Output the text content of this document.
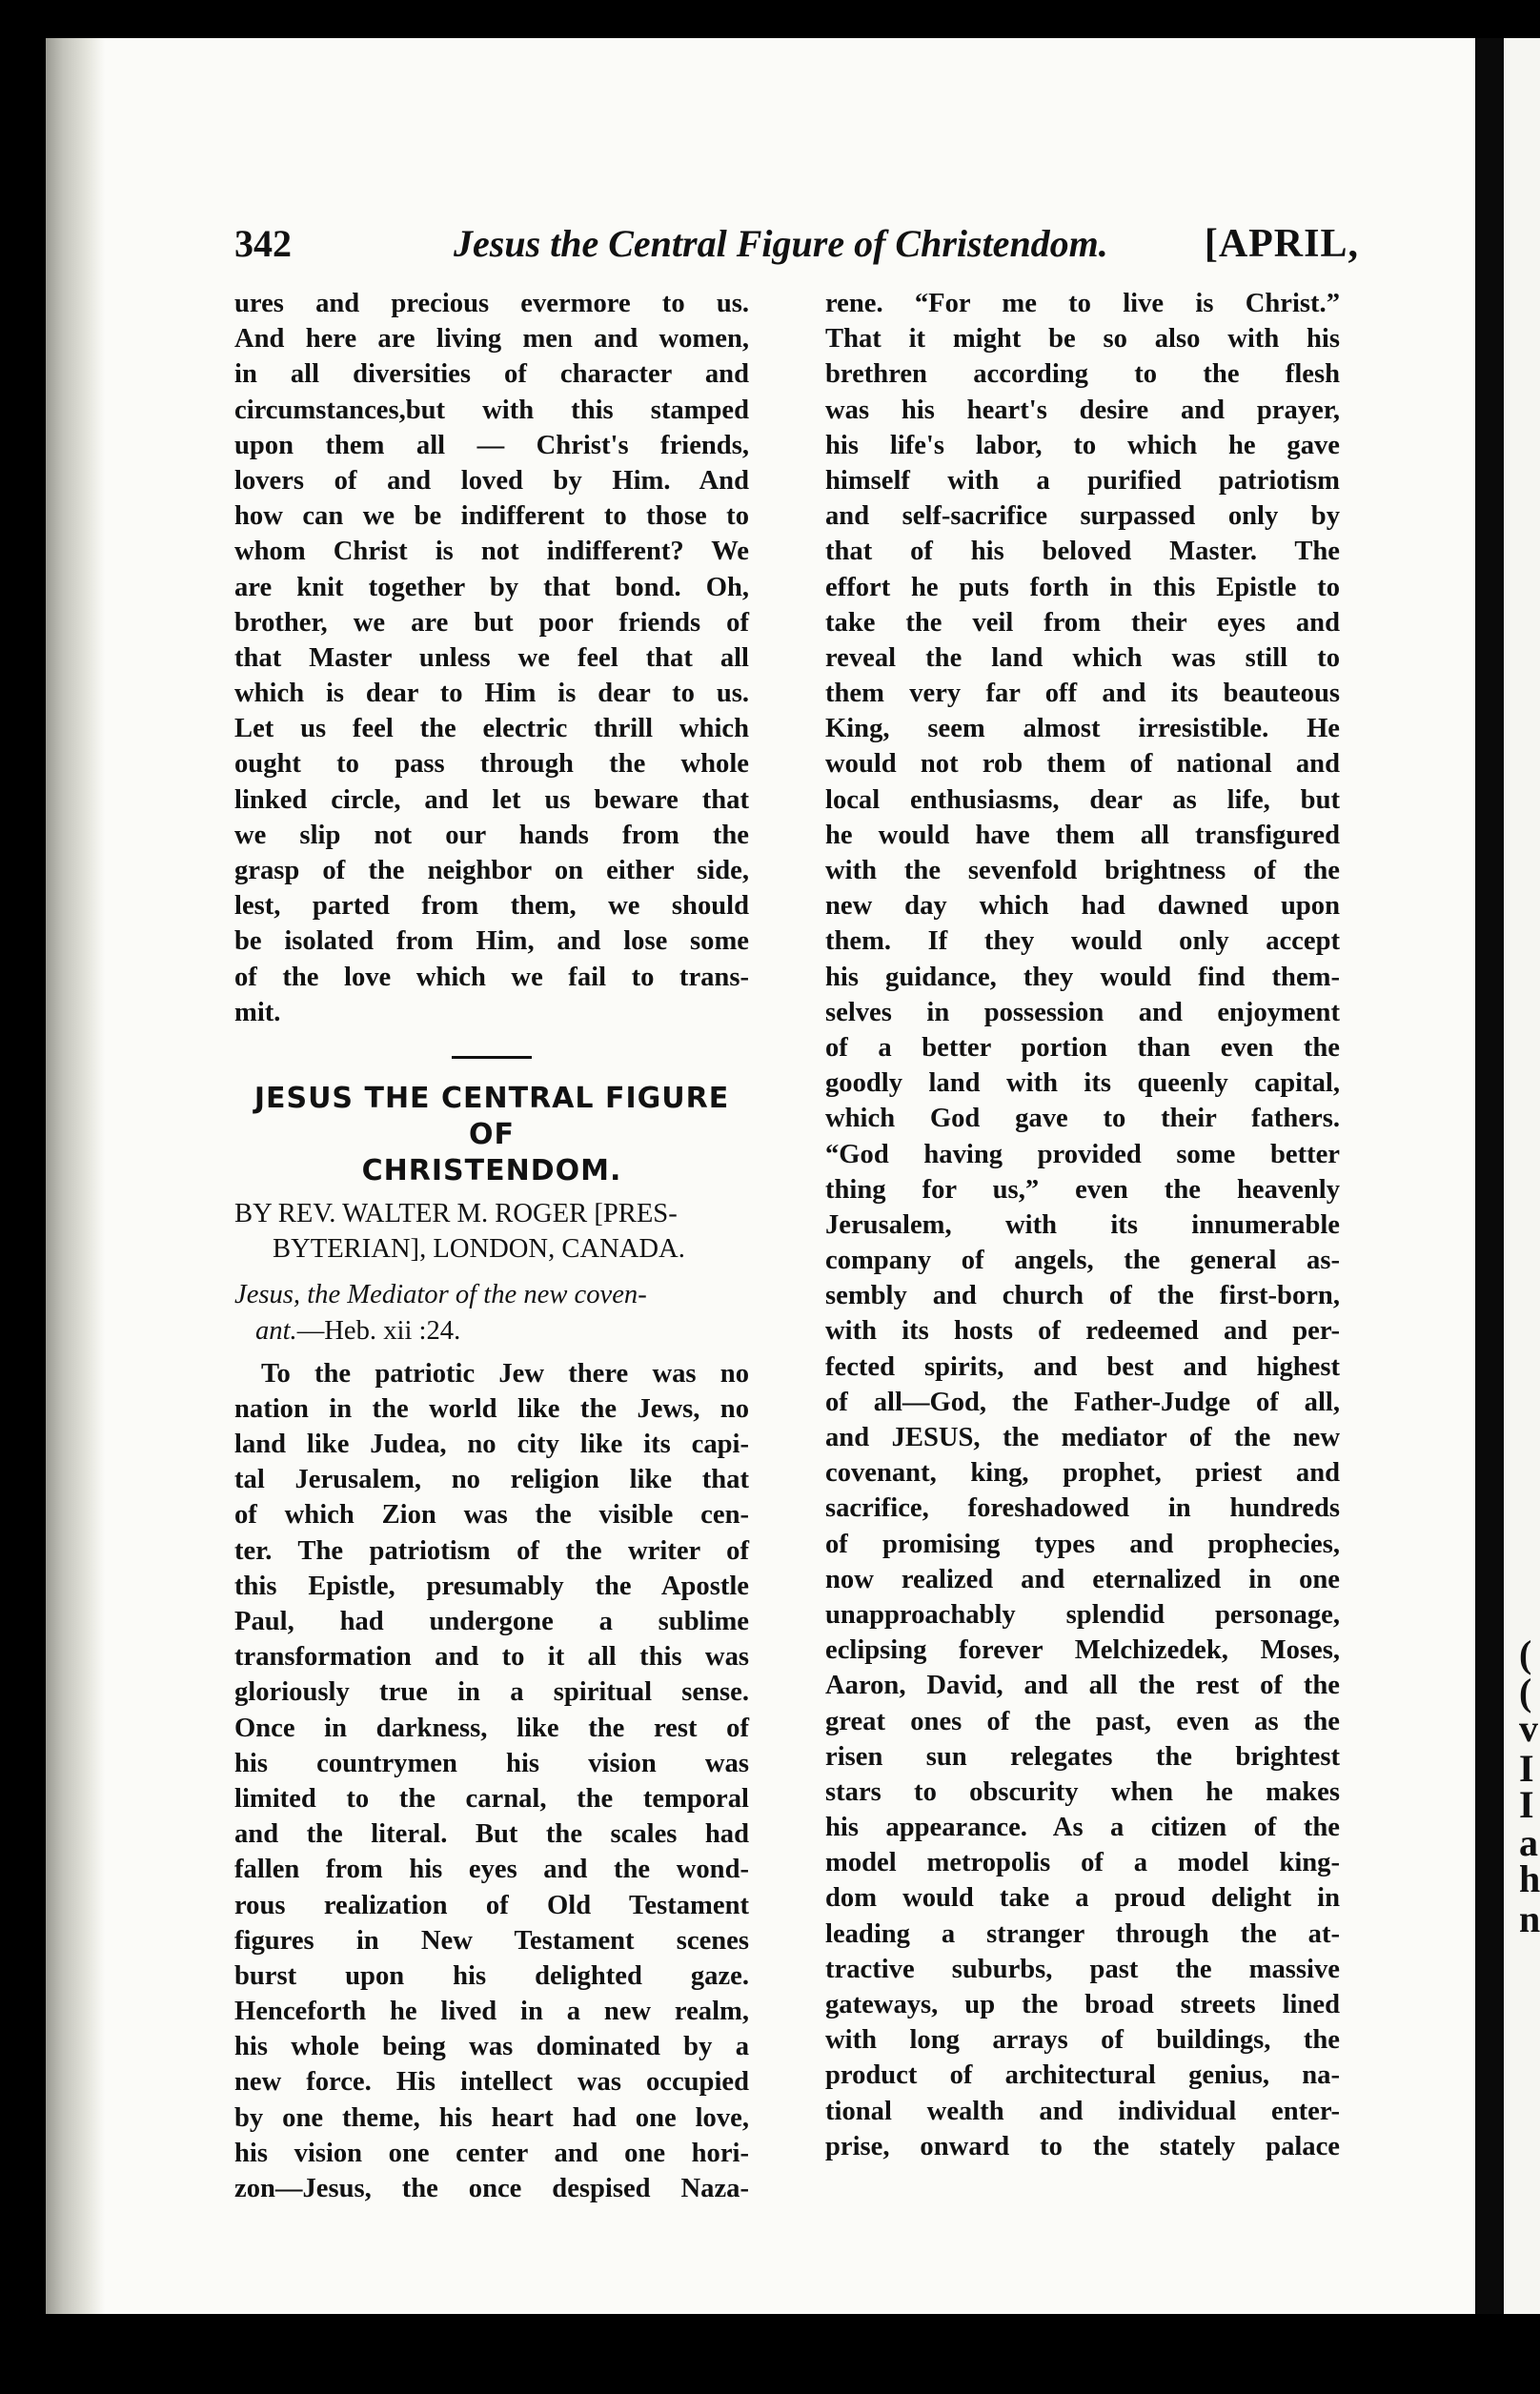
(
(
v
I
I
a
h
n
342	Jesus the Central Figure of Christendom. [APRIL,
ures and precious evermore to us.
And here are living men and women,
in all diversities of character and
circumstances,but with this stamped
upon them all — Christ's friends,
lovers of and loved by Him. And
how can we be indifferent to those to
whom Christ is not indifferent? We
are knit together by that bond. Oh,
brother, we are but poor friends of
that Master unless we feel that all
which is dear to Him is dear to us.
Let us feel the electric thrill which
ought to pass through the whole
linked circle, and let us beware that
we slip not our hands from the
grasp of the neighbor on either side,
lest, parted from them, we should
be isolated from Him, and lose some
of the love which we fail to trans-
mit.
JESUS THE CENTRAL FIGURE OF
CHRISTENDOM.
BY REV. WALTER M. ROGER [PRES-
BYTERIAN], LONDON, CANADA.
Jesus, the Mediator of the new coven-
ant.—Heb. xii :24.
To the patriotic Jew there was no
nation in the world like the Jews, no
land like Judea, no city like its capi-
tal Jerusalem, no religion like that
of which Zion was the visible cen-
ter. The patriotism of the writer of
this Epistle, presumably the Apostle
Paul, had undergone a sublime
transformation and to it all this was
gloriously true in a spiritual sense.
Once in darkness, like the rest of
his countrymen his vision was
limited to the carnal, the temporal
and the literal. But the scales had
fallen from his eyes and the wond-
rous realization of Old Testament
figures in New Testament scenes
burst upon his delighted gaze.
Henceforth he lived in a new realm,
his whole being was dominated by a
new force. His intellect was occupied
by one theme, his heart had one love,
his vision one center and one hori-
zon—Jesus, the once despised Naza-
rene. “For me to live is Christ.”
That it might be so also with his
brethren according to the flesh
was his heart's desire and prayer,
his life's labor, to which he gave
himself with a purified patriotism
and self-sacrifice surpassed only by
that of his beloved Master. The
effort he puts forth in this Epistle to
take the veil from their eyes and
reveal the land which was still to
them very far off and its beauteous
King, seem almost irresistible. He
would not rob them of national and
local enthusiasms, dear as life, but
he would have them all transfigured
with the sevenfold brightness of the
new day which had dawned upon
them. If they would only accept
his guidance, they would find them-
selves in possession and enjoyment
of a better portion than even the
goodly land with its queenly capital,
which God gave to their fathers.
“God having provided some better
thing for us,” even the heavenly
Jerusalem, with its innumerable
company of angels, the general as-
sembly and church of the first-born,
with its hosts of redeemed and per-
fected spirits, and best and highest
of all—God, the Father-Judge of all,
and JESUS, the mediator of the new
covenant, king, prophet, priest and
sacrifice, foreshadowed in hundreds
of promising types and prophecies,
now realized and eternalized in one
unapproachably splendid personage,
eclipsing forever Melchizedek, Moses,
Aaron, David, and all the rest of the
great ones of the past, even as the
risen sun relegates the brightest
stars to obscurity when he makes
his appearance. As a citizen of the
model metropolis of a model king-
dom would take a proud delight in
leading a stranger through the at-
tractive suburbs, past the massive
gateways, up the broad streets lined
with long arrays of buildings, the
product of architectural genius, na-
tional wealth and individual enter-
prise, onward to the stately palace
